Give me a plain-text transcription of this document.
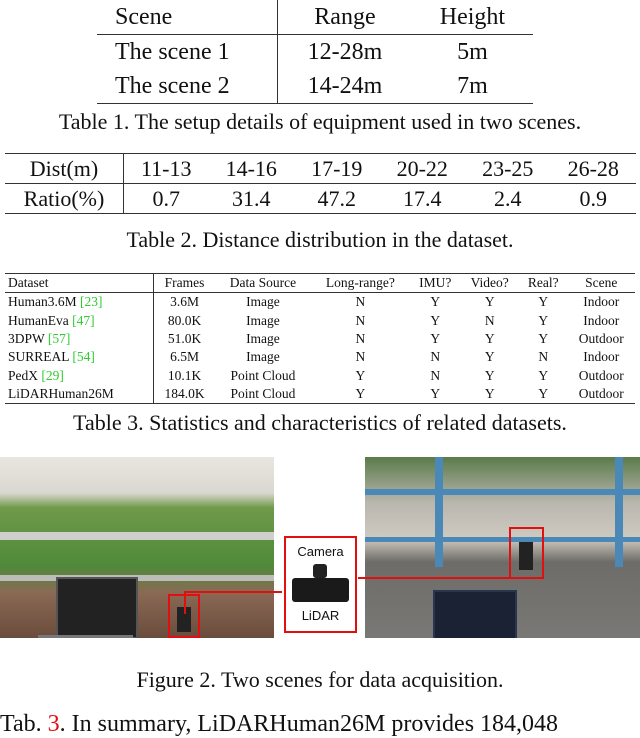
Scene	Range	Height
The scene 1	12-28m	5m
The scene 2	14-24m	7m
Table 1. The setup details of equipment used in two scenes.
Dist(m)	11-13	14-16	17-19	20-22	23-25	26-28
Ratio(%)	0.7	31.4	47.2	17.4	2.4	0.9
Table 2. Distance distribution in the dataset.
Dataset	Frames	Data Source	Long-range?	IMU?	Video?	Real?	Scene
Human3.6M [23]	3.6M	Image	N	Y	Y	Y	Indoor
HumanEva [47]	80.0K	Image	N	Y	N	Y	Indoor
3DPW [57]	51.0K	Image	N	Y	Y	Y	Outdoor
SURREAL [54]	6.5M	Image	N	N	Y	N	Indoor
PedX [29]	10.1K	Point Cloud	Y	N	Y	Y	Outdoor
LiDARHuman26M	184.0K	Point Cloud	Y	Y	Y	Y	Outdoor
Table 3. Statistics and characteristics of related datasets.
Camera
LiDAR
Figure 2. Two scenes for data acquisition.
Tab. 3. In summary, LiDARHuman26M provides 184,048
